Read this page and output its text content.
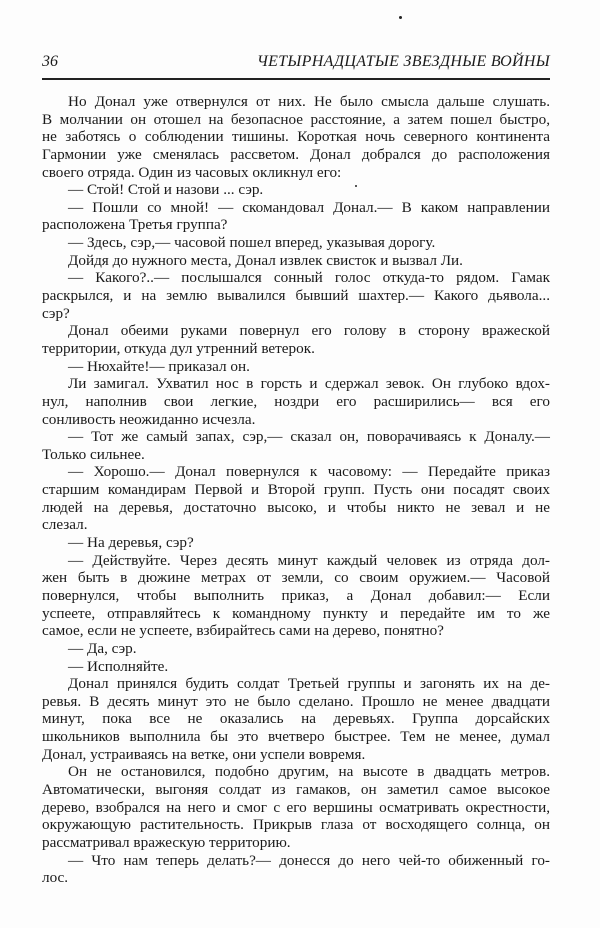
36	ЧЕТЫРНАДЦАТЫЕ ЗВЕЗДНЫЕ ВОЙНЫ
Но Донал уже отвернулся от них. Не было смысла дальше слушать.
В молчании он отошел на безопасное расстояние, а затем пошел быстро,
не заботясь о соблюдении тишины. Короткая ночь северного континента
Гармонии уже сменялась рассветом. Донал добрался до расположения
своего отряда. Один из часовых окликнул его:
— Стой! Стой и назови ... сэр.
— Пошли со мной! — скомандовал Донал.— В каком направлении
расположена Третья группа?
— Здесь, сэр,— часовой пошел вперед, указывая дорогу.
Дойдя до нужного места, Донал извлек свисток и вызвал Ли.
— Какого?..— послышался сонный голос откуда-то рядом. Гамак
раскрылся, и на землю вывалился бывший шахтер.— Какого дьявола...
сэр?
Донал обеими руками повернул его голову в сторону вражеской
территории, откуда дул утренний ветерок.
— Нюхайте!— приказал он.
Ли замигал. Ухватил нос в горсть и сдержал зевок. Он глубоко вдох-
нул, наполнив свои легкие, ноздри его расширились— вся его
сонливость неожиданно исчезла.
— Тот же самый запах, сэр,— сказал он, поворачиваясь к Доналу.—
Только сильнее.
— Хорошо.— Донал повернулся к часовому: — Передайте приказ
старшим командирам Первой и Второй групп. Пусть они посадят своих
людей на деревья, достаточно высоко, и чтобы никто не зевал и не
слезал.
— На деревья, сэр?
— Действуйте. Через десять минут каждый человек из отряда дол-
жен быть в дюжине метрах от земли, со своим оружием.— Часовой
повернулся, чтобы выполнить приказ, а Донал добавил:— Если
успеете, отправляйтесь к командному пункту и передайте им то же
самое, если не успеете, взбирайтесь сами на дерево, понятно?
— Да, сэр.
— Исполняйте.
Донал принялся будить солдат Третьей группы и загонять их на де-
ревья. В десять минут это не было сделано. Прошло не менее двадцати
минут, пока все не оказались на деревьях. Группа дорсайских
школьников выполнила бы это вчетверо быстрее. Тем не менее, думал
Донал, устраиваясь на ветке, они успели вовремя.
Он не остановился, подобно другим, на высоте в двадцать метров.
Автоматически, выгоняя солдат из гамаков, он заметил самое высокое
дерево, взобрался на него и смог с его вершины осматривать окрестности,
окружающую растительность. Прикрыв глаза от восходящего солнца, он
рассматривал вражескую территорию.
— Что нам теперь делать?— донесся до него чей-то обиженный го-
лос.
